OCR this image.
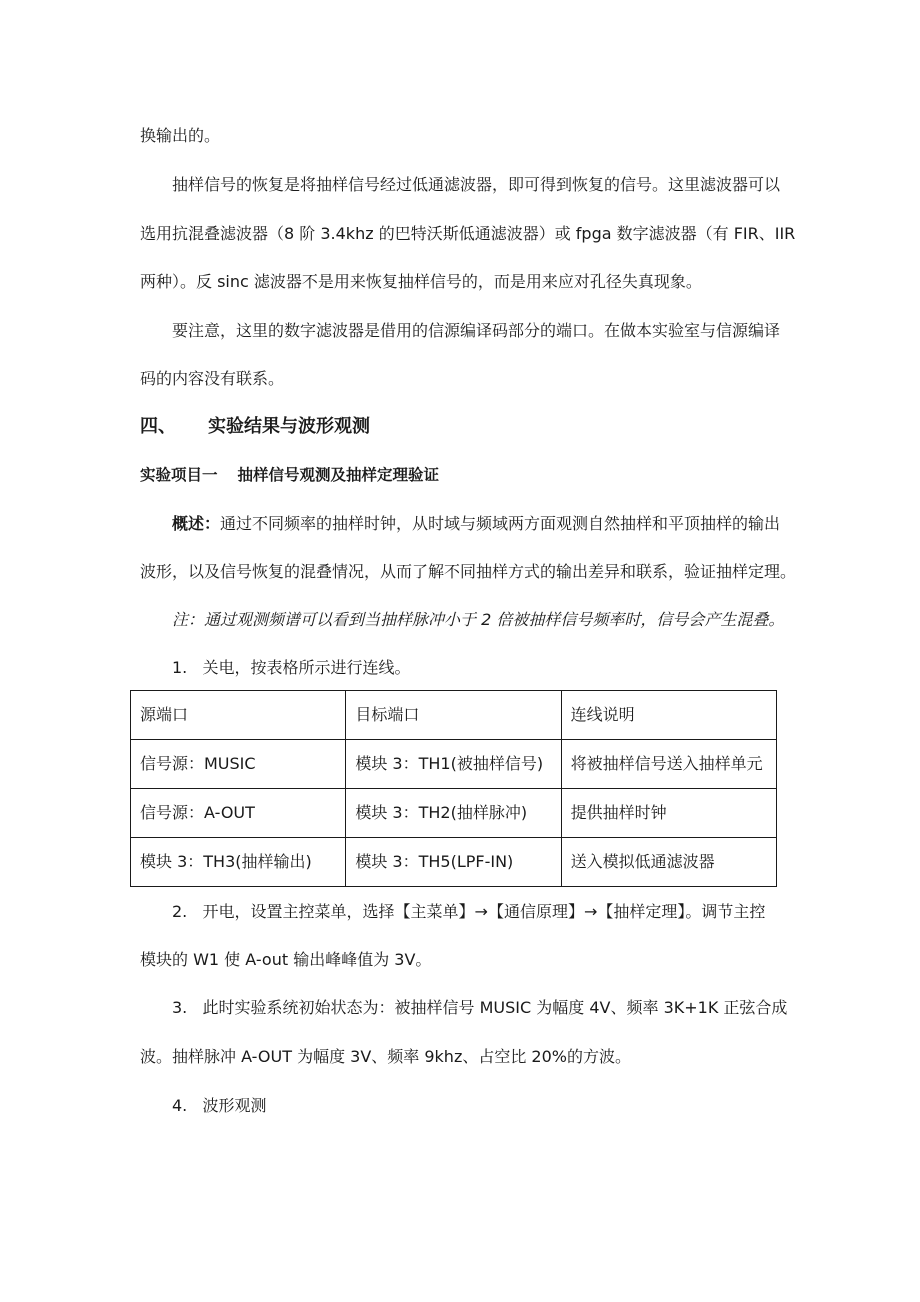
换输出的。
抽样信号的恢复是将抽样信号经过低通滤波器，即可得到恢复的信号。这里滤波器可以
选用抗混叠滤波器（8 阶 3.4khz 的巴特沃斯低通滤波器）或 fpga 数字滤波器（有 FIR、IIR
两种）。反 sinc 滤波器不是用来恢复抽样信号的，而是用来应对孔径失真现象。
要注意，这里的数字滤波器是借用的信源编译码部分的端口。在做本实验室与信源编译
码的内容没有联系。
四、 实验结果与波形观测
实验项目一 抽样信号观测及抽样定理验证
概述：通过不同频率的抽样时钟，从时域与频域两方面观测自然抽样和平顶抽样的输出
波形，以及信号恢复的混叠情况，从而了解不同抽样方式的输出差异和联系，验证抽样定理。
注：通过观测频谱可以看到当抽样脉冲小于 2 倍被抽样信号频率时，信号会产生混叠。
1. 关电，按表格所示进行连线。
源端口	目标端口	连线说明
信号源：MUSIC	模块 3：TH1(被抽样信号)	将被抽样信号送入抽样单元
信号源：A-OUT	模块 3：TH2(抽样脉冲)	提供抽样时钟
模块 3：TH3(抽样输出)	模块 3：TH5(LPF-IN)	送入模拟低通滤波器
2. 开电，设置主控菜单，选择【主菜单】→【通信原理】→【抽样定理】。调节主控
模块的 W1 使 A-out 输出峰峰值为 3V。
3. 此时实验系统初始状态为：被抽样信号 MUSIC 为幅度 4V、频率 3K+1K 正弦合成
波。抽样脉冲 A-OUT 为幅度 3V、频率 9khz、占空比 20%的方波。
4. 波形观测
